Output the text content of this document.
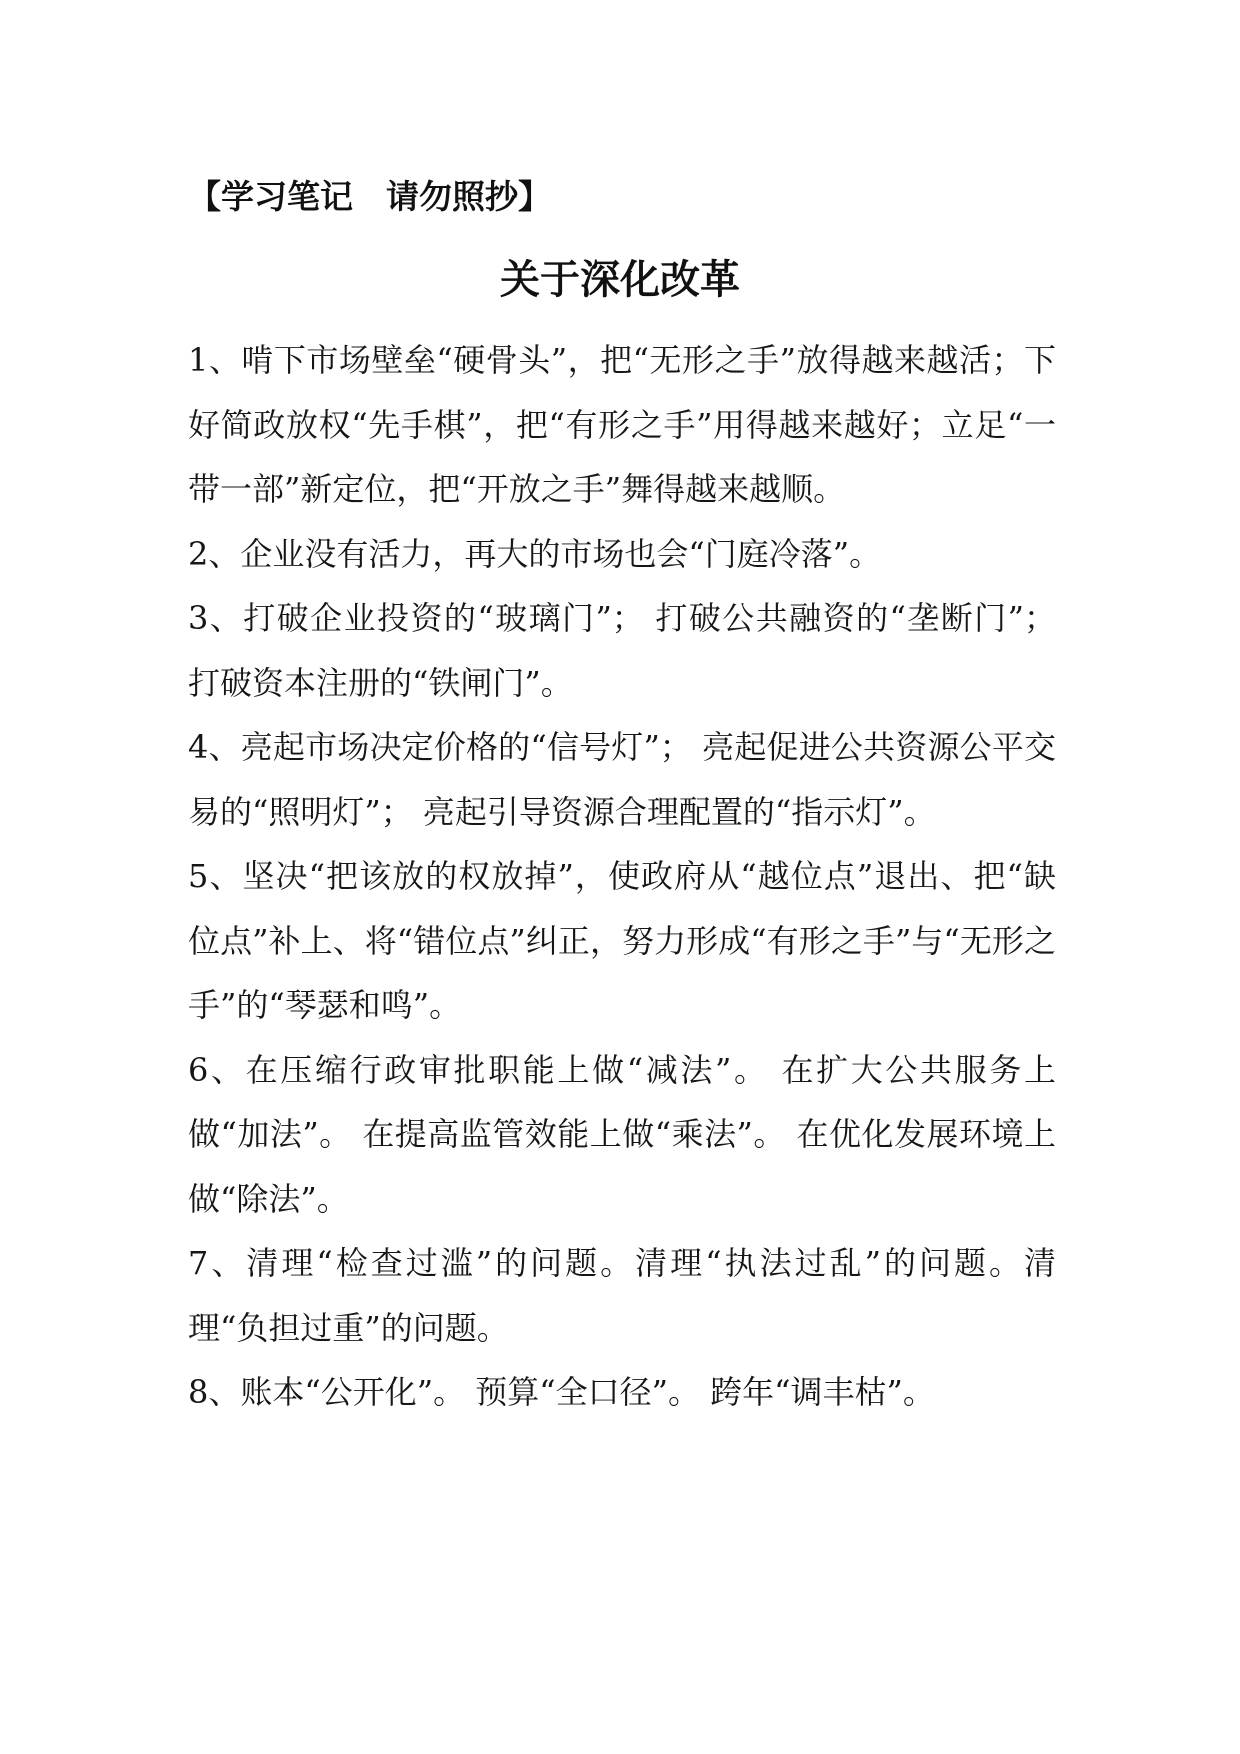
【学习笔记　请勿照抄】
关于深化改革

1、啃下市场壁垒“硬骨头”，把“无形之手”放得越来越活；下好简政放权“先手棋”，把“有形之手”用得越来越好；立足“一带一部”新定位，把“开放之手”舞得越来越顺。

2、企业没有活力，再大的市场也会“门庭冷落”。

3、打破企业投资的“玻璃门”； 打破公共融资的“垄断门”； 打破资本注册的“铁闸门”。

4、亮起市场决定价格的“信号灯”； 亮起促进公共资源公平交易的“照明灯”； 亮起引导资源合理配置的“指示灯”。

5、坚决“把该放的权放掉”，使政府从“越位点”退出、把“缺位点”补上、将“错位点”纠正，努力形成“有形之手”与“无形之手”的“琴瑟和鸣”。

6、在压缩行政审批职能上做“减法”。 在扩大公共服务上做“加法”。 在提高监管效能上做“乘法”。 在优化发展环境上做“除法”。

7、清理“检查过滥”的问题。清理“执法过乱”的问题。清理“负担过重”的问题。

8、账本“公开化”。 预算“全口径”。 跨年“调丰枯”。
